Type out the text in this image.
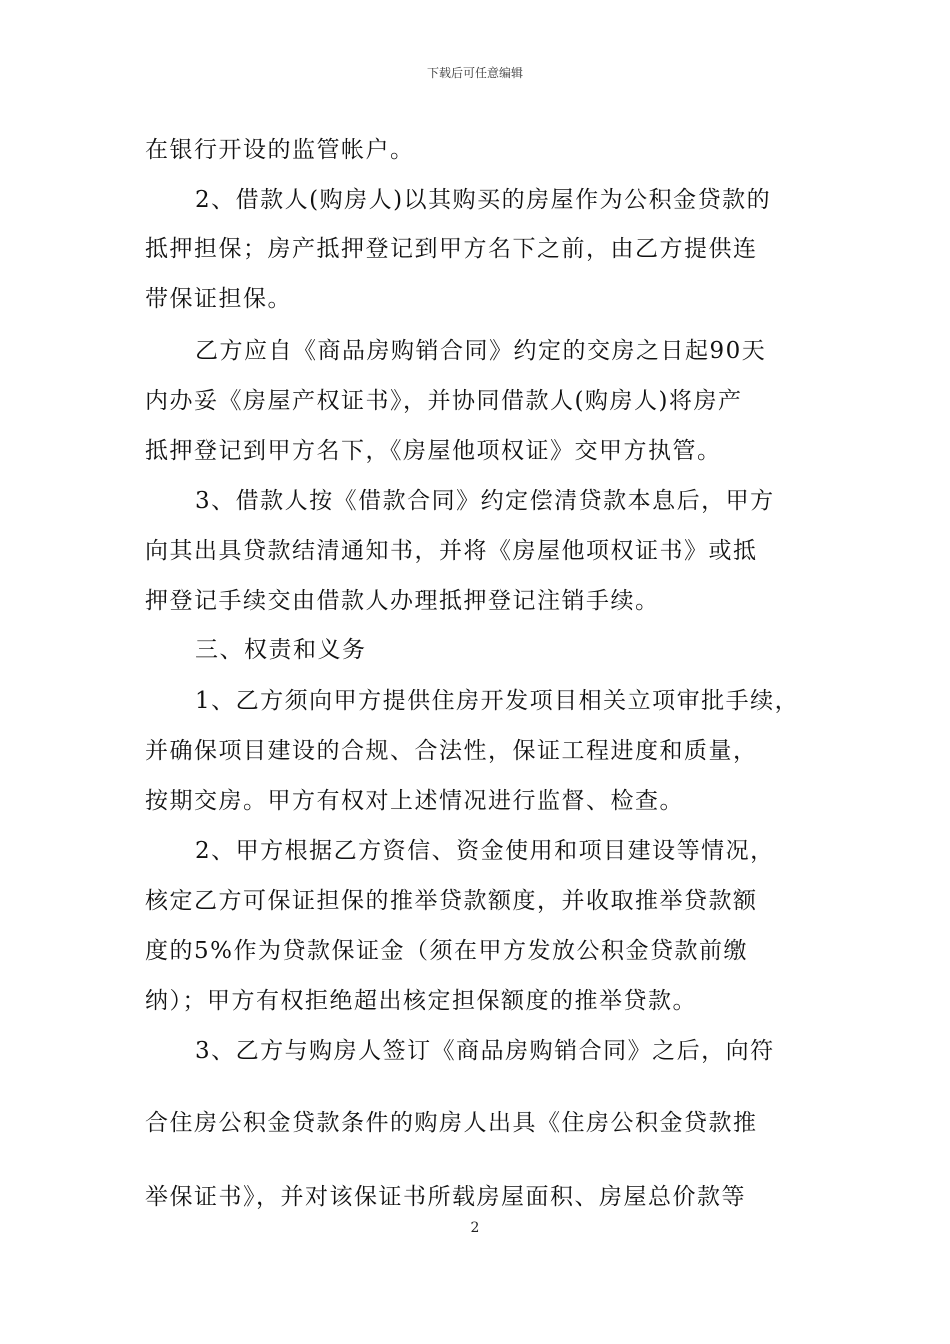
下载后可任意编辑
在银行开设的监管帐户。
2、借款人(购房人)以其购买的房屋作为公积金贷款的
抵押担保；房产抵押登记到甲方名下之前，由乙方提供连
带保证担保。
乙方应自《商品房购销合同》约定的交房之日起90天
内办妥《房屋产权证书》，并协同借款人(购房人)将房产
抵押登记到甲方名下，《房屋他项权证》交甲方执管。
3、借款人按《借款合同》约定偿清贷款本息后，甲方
向其出具贷款结清通知书，并将《房屋他项权证书》或抵
押登记手续交由借款人办理抵押登记注销手续。
三、权责和义务
1、乙方须向甲方提供住房开发项目相关立项审批手续，
并确保项目建设的合规、合法性，保证工程进度和质量，
按期交房。甲方有权对上述情况进行监督、检查。
2、甲方根据乙方资信、资金使用和项目建设等情况，
核定乙方可保证担保的推举贷款额度，并收取推举贷款额
度的5%作为贷款保证金（须在甲方发放公积金贷款前缴
纳）；甲方有权拒绝超出核定担保额度的推举贷款。
3、乙方与购房人签订《商品房购销合同》之后，向符
合住房公积金贷款条件的购房人出具《住房公积金贷款推
举保证书》，并对该保证书所载房屋面积、房屋总价款等
2
